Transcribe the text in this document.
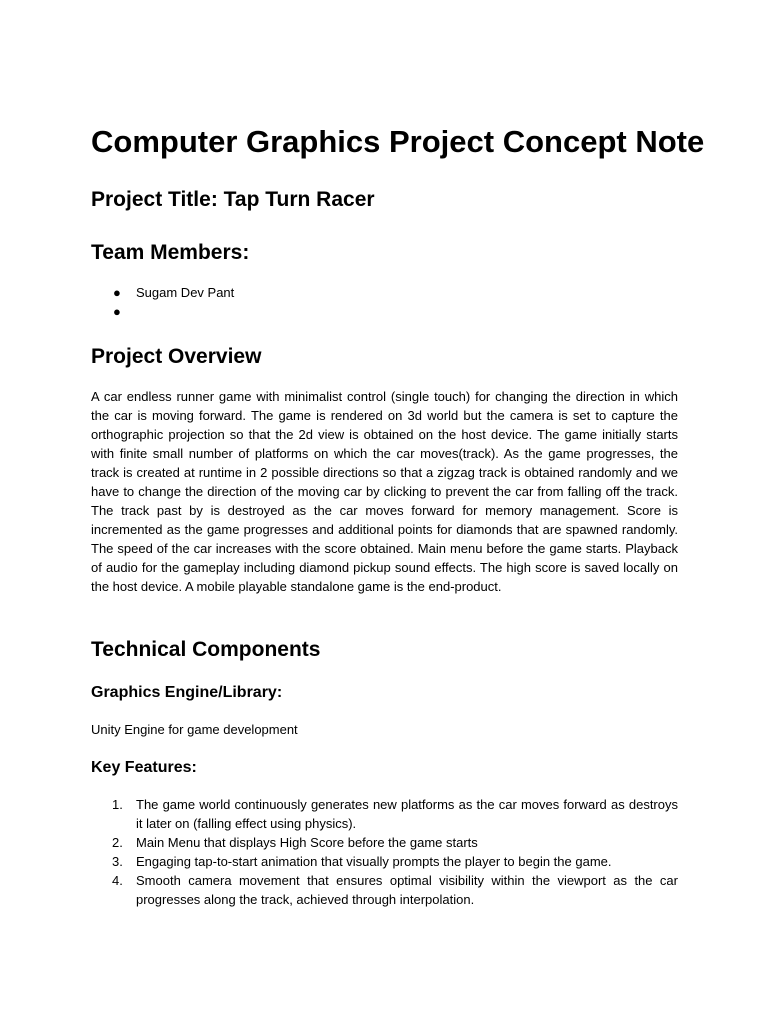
Computer Graphics Project Concept Note
Project Title: Tap Turn Racer
Team Members:
● Sugam Dev Pant
●
Project Overview

A car endless runner game with minimalist control (single touch) for changing the direction in which the car is moving forward. The game is rendered on 3d world but the camera is set to capture the orthographic projection so that the 2d view is obtained on the host device. The game initially starts with finite small number of platforms on which the car moves(track). As the game progresses, the track is created at runtime in 2 possible directions so that a zigzag track is obtained randomly and we have to change the direction of the moving car by clicking to prevent the car from falling off the track. The track past by is destroyed as the car moves forward for memory management. Score is incremented as the game progresses and additional points for diamonds that are spawned randomly. The speed of the car increases with the score obtained. Main menu before the game starts. Playback of audio for the gameplay including diamond pickup sound effects. The high score is saved locally on the host device. A mobile playable standalone game is the end-product.

Technical Components
Graphics Engine/Library:

Unity Engine for game development

Key Features:
1. The game world continuously generates new platforms as the car moves forward as destroys it later on (falling effect using physics).
2. Main Menu that displays High Score before the game starts
3. Engaging tap-to-start animation that visually prompts the player to begin the game.
4. Smooth camera movement that ensures optimal visibility within the viewport as the car progresses along the track, achieved through interpolation.
